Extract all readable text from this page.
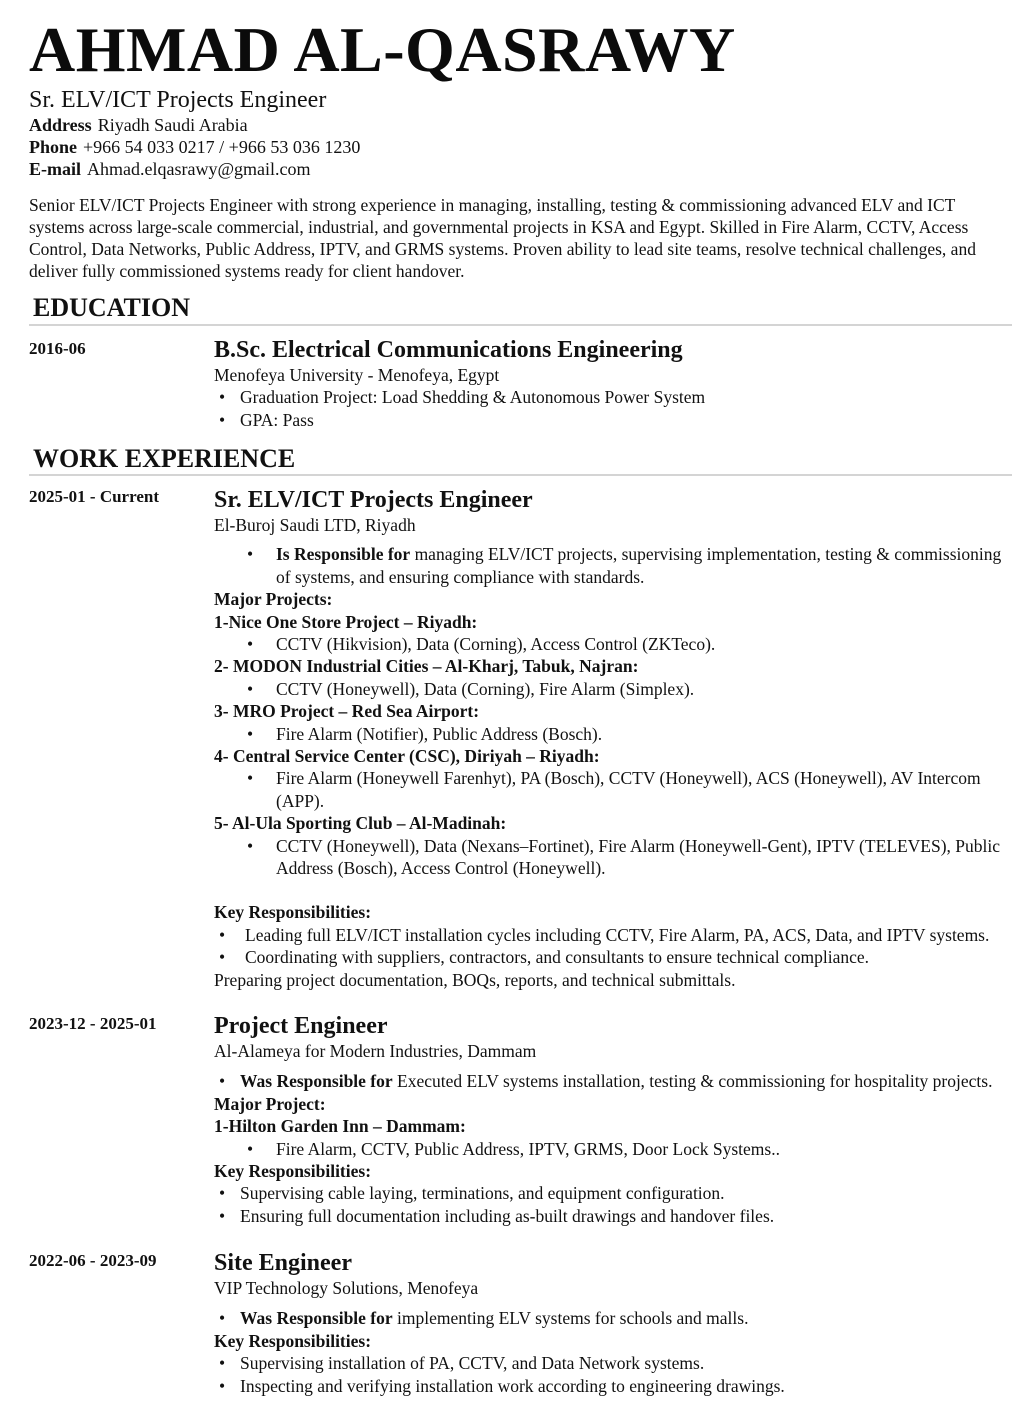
AHMAD AL-QASRAWY
Sr. ELV/ICT Projects Engineer
Address Riyadh Saudi Arabia
Phone +966 54 033 0217 / +966 53 036 1230
E-mail Ahmad.elqasrawy@gmail.com
Senior ELV/ICT Projects Engineer with strong experience in managing, installing, testing & commissioning advanced ELV and ICT systems across large-scale commercial, industrial, and governmental projects in KSA and Egypt. Skilled in Fire Alarm, CCTV, Access Control, Data Networks, Public Address, IPTV, and GRMS systems. Proven ability to lead site teams, resolve technical challenges, and deliver fully commissioned systems ready for client handover.
EDUCATION
2016-06	B.Sc. Electrical Communications Engineering
Menofeya University - Menofeya, Egypt
• Graduation Project: Load Shedding & Autonomous Power System
• GPA: Pass
WORK EXPERIENCE
2025-01 - Current Sr. ELV/ICT Projects Engineer
El-Buroj Saudi LTD, Riyadh
• Is Responsible for managing ELV/ICT projects, supervising implementation, testing & commissioning of systems, and ensuring compliance with standards.
Major Projects:
1-Nice One Store Project – Riyadh:
• CCTV (Hikvision), Data (Corning), Access Control (ZKTeco).
2- MODON Industrial Cities – Al-Kharj, Tabuk, Najran:
• CCTV (Honeywell), Data (Corning), Fire Alarm (Simplex).
3- MRO Project – Red Sea Airport:
• Fire Alarm (Notifier), Public Address (Bosch).
4- Central Service Center (CSC), Diriyah – Riyadh:
• Fire Alarm (Honeywell Farenhyt), PA (Bosch), CCTV (Honeywell), ACS (Honeywell), AV Intercom (APP).
5- Al-Ula Sporting Club – Al-Madinah:
• CCTV (Honeywell), Data (Nexans–Fortinet), Fire Alarm (Honeywell-Gent), IPTV (TELEVES), Public Address (Bosch), Access Control (Honeywell).
Key Responsibilities:
• Leading full ELV/ICT installation cycles including CCTV, Fire Alarm, PA, ACS, Data, and IPTV systems.
• Coordinating with suppliers, contractors, and consultants to ensure technical compliance.
Preparing project documentation, BOQs, reports, and technical submittals.
2023-12 - 2025-01 Project Engineer
Al-Alameya for Modern Industries, Dammam
• Was Responsible for Executed ELV systems installation, testing & commissioning for hospitality projects.
Major Project:
1-Hilton Garden Inn – Dammam:
• Fire Alarm, CCTV, Public Address, IPTV, GRMS, Door Lock Systems..
Key Responsibilities:
• Supervising cable laying, terminations, and equipment configuration.
• Ensuring full documentation including as-built drawings and handover files.
2022-06 - 2023-09 Site Engineer
VIP Technology Solutions, Menofeya
• Was Responsible for implementing ELV systems for schools and malls.
Key Responsibilities:
• Supervising installation of PA, CCTV, and Data Network systems.
• Inspecting and verifying installation work according to engineering drawings.
